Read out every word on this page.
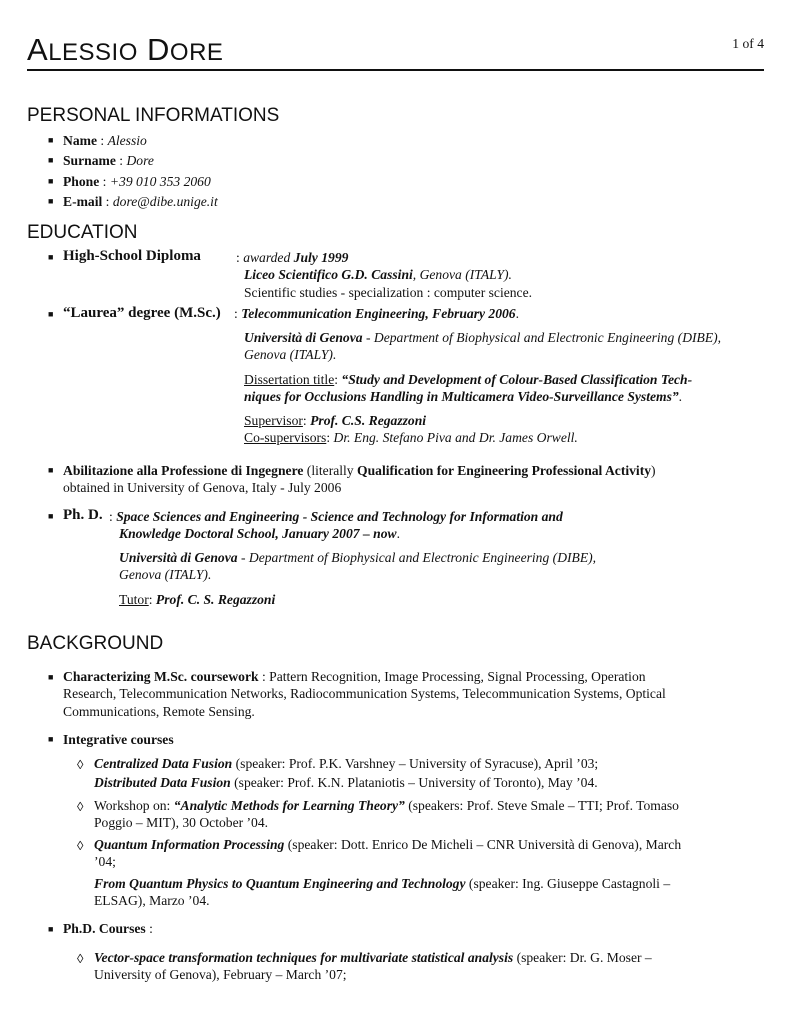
ALESSIO DORE	1 of 4
PERSONAL INFORMATIONS
■ Name : Alessio
■ Surname : Dore
■ Phone : +39 010 353 2060
■ E-mail : dore@dibe.unige.it
EDUCATION
■ High-School Diploma	: awarded July 1999
Liceo Scientifico G.D. Cassini, Genova (ITALY).
Scientific studies - specialization : computer science.
■ “Laurea” degree (M.Sc.) : Telecommunication Engineering, February 2006.
Università di Genova - Department of Biophysical and Electronic Engineering (DIBE),
Genova (ITALY).
Dissertation title: “Study and Development of Colour-Based Classification Tech-
niques for Occlusions Handling in Multicamera Video-Surveillance Systems”.
Supervisor: Prof. C.S. Regazzoni
Co-supervisors: Dr. Eng. Stefano Piva and Dr. James Orwell.
■ Abilitazione alla Professione di Ingegnere (literally Qualification for Engineering Professional Activity)
obtained in University of Genova, Italy - July 2006
■ Ph. D. : Space Sciences and Engineering - Science and Technology for Information and
Knowledge Doctoral School, January 2007 – now.
Università di Genova - Department of Biophysical and Electronic Engineering (DIBE),
Genova (ITALY).
Tutor: Prof. C. S. Regazzoni
BACKGROUND
■ Characterizing M.Sc. coursework : Pattern Recognition, Image Processing, Signal Processing, Operation
Research, Telecommunication Networks, Radiocommunication Systems, Telecommunication Systems, Optical
Communications, Remote Sensing.
■ Integrative courses
◊ Centralized Data Fusion (speaker: Prof. P.K. Varshney – University of Syracuse), April ’03;
Distributed Data Fusion (speaker: Prof. K.N. Plataniotis – University of Toronto), May ’04.
◊ Workshop on: “Analytic Methods for Learning Theory” (speakers: Prof. Steve Smale – TTI; Prof. Tomaso
Poggio – MIT), 30 October ’04.
◊ Quantum Information Processing (speaker: Dott. Enrico De Micheli – CNR Università di Genova), March
’04;
From Quantum Physics to Quantum Engineering and Technology (speaker: Ing. Giuseppe Castagnoli –
ELSAG), Marzo ’04.
■ Ph.D. Courses :
◊ Vector-space transformation techniques for multivariate statistical analysis (speaker: Dr. G. Moser –
University of Genova), February – March ’07;
